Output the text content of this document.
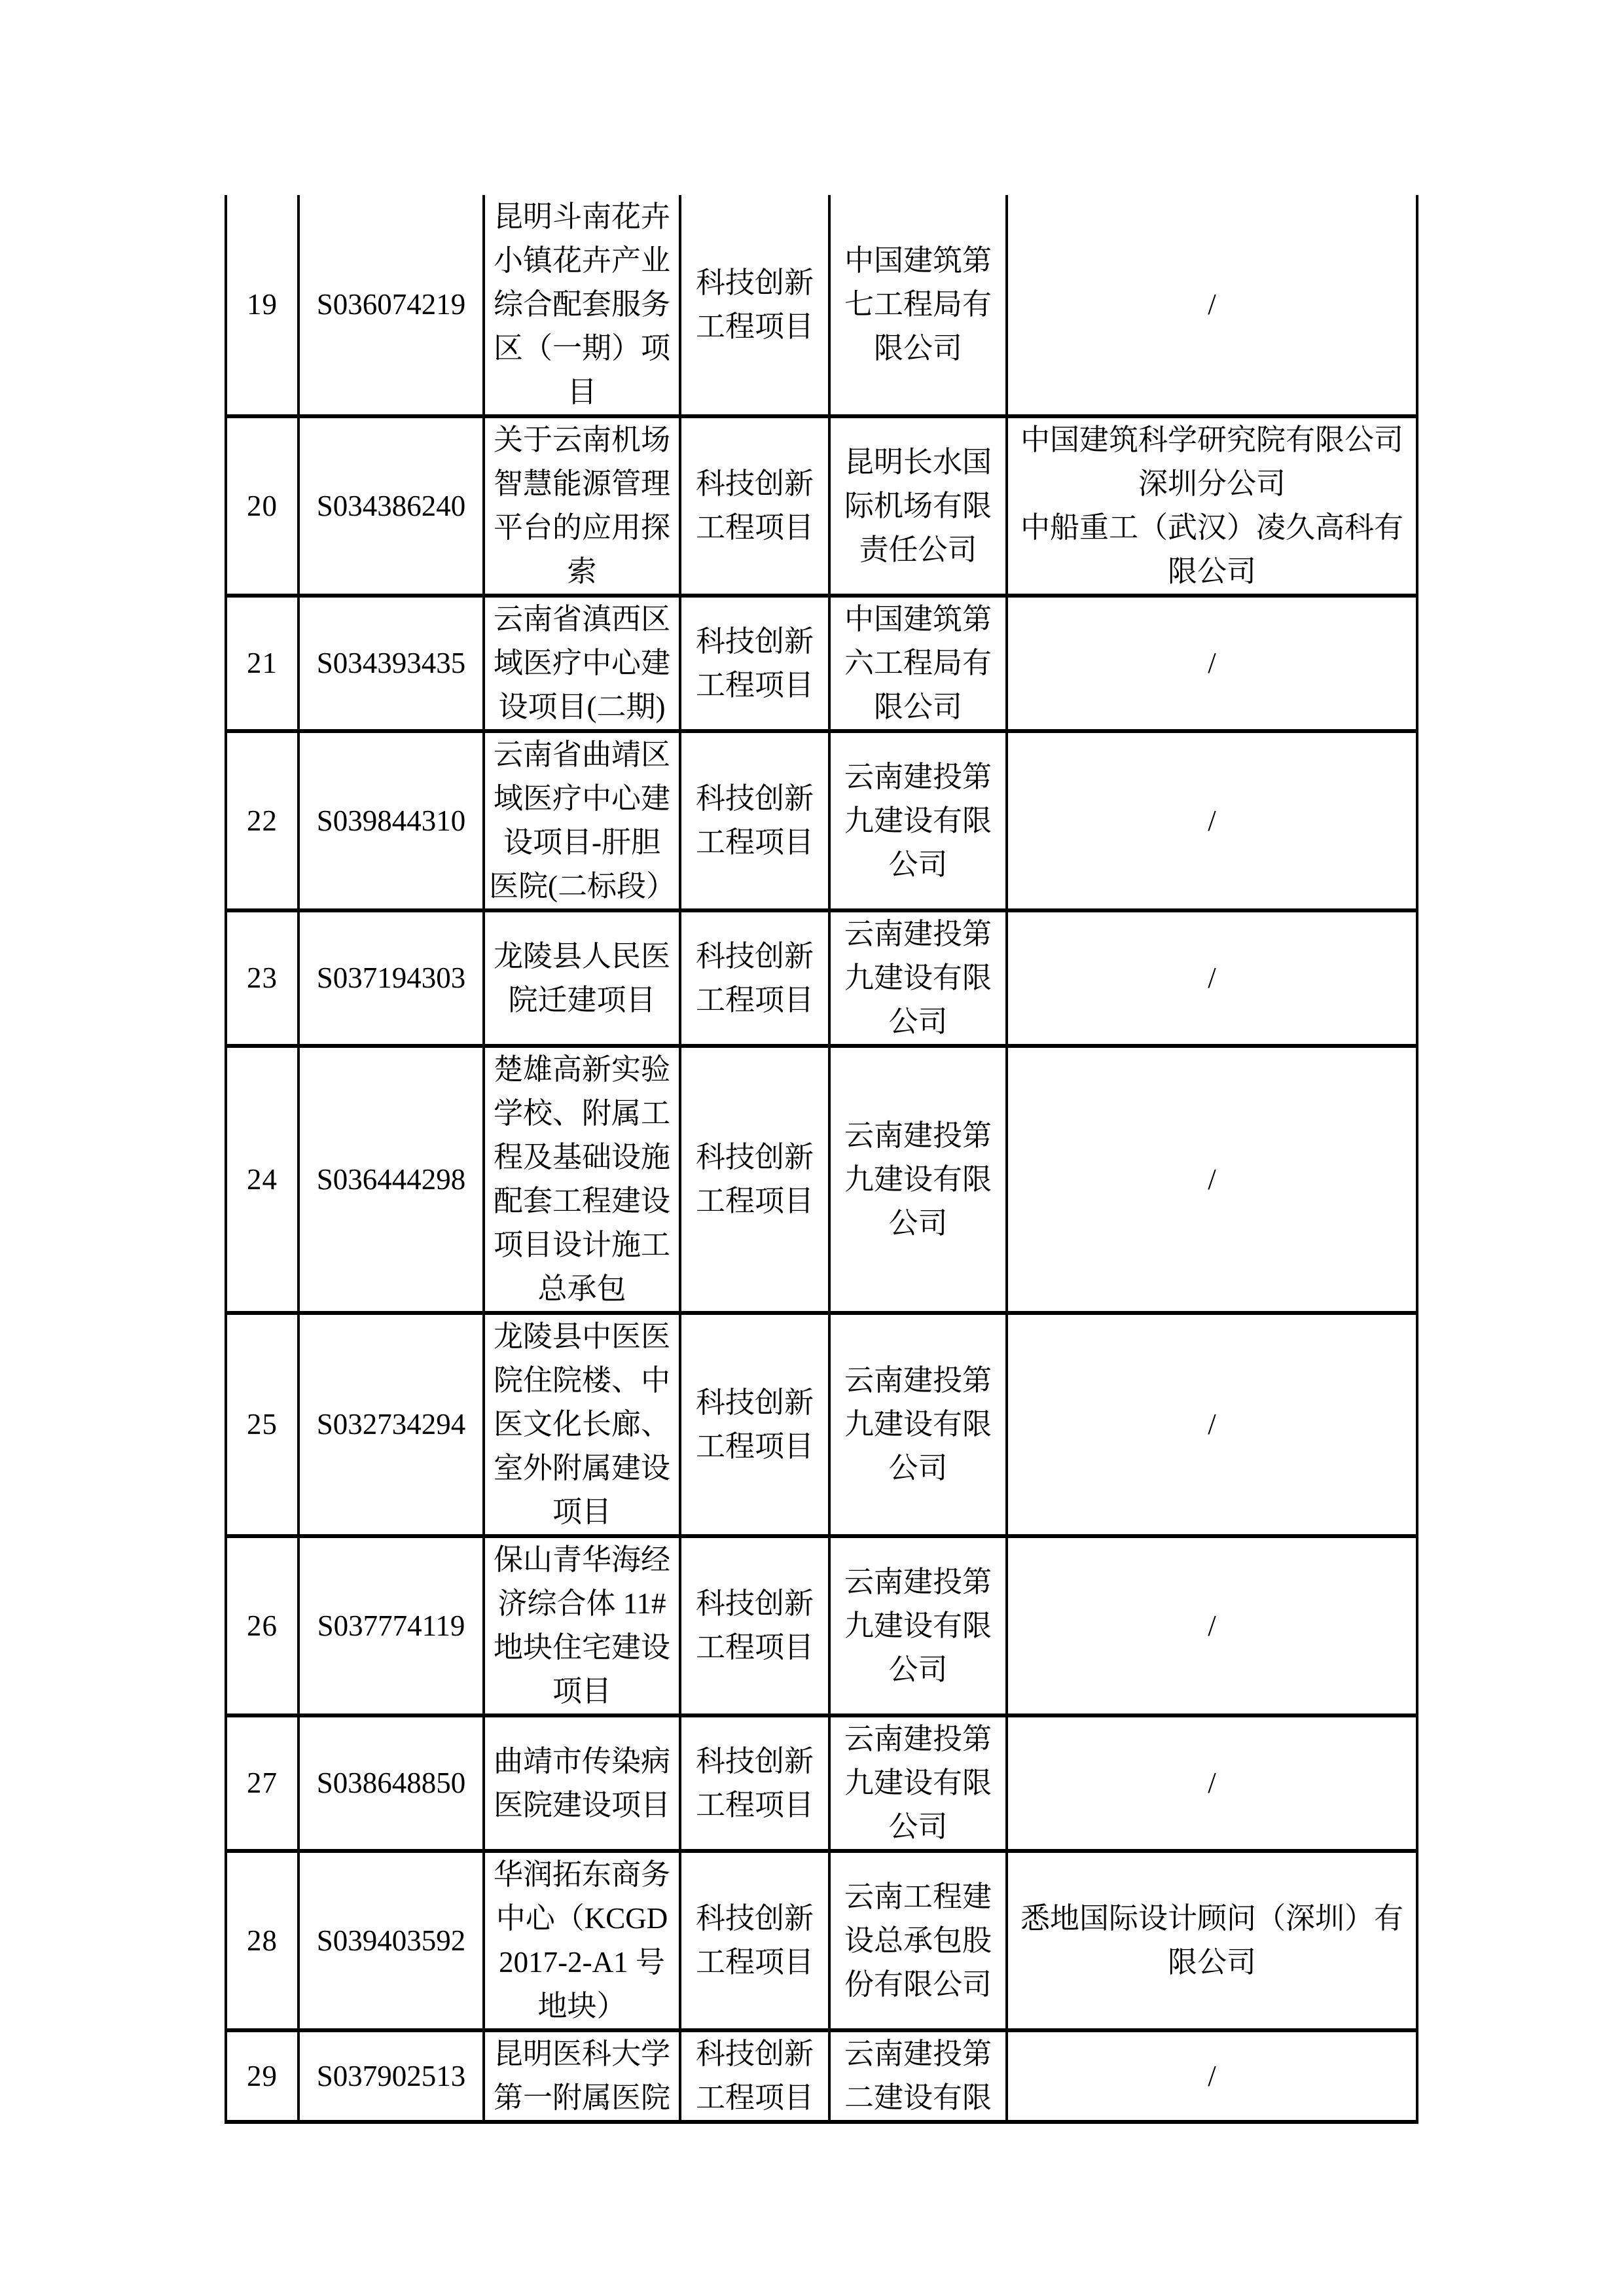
19	S036074219	昆明斗南花卉小镇花卉产业综合配套服务区（一期）项目	科技创新工程项目	中国建筑第七工程局有限公司	/

20	S034386240	关于云南机场智慧能源管理平台的应用探索	科技创新工程项目	昆明长水国际机场有限责任公司	中国建筑科学研究院有限公司深圳分公司
中船重工（武汉）凌久高科有限公司

21	S034393435	云南省滇西区域医疗中心建设项目(二期)	科技创新工程项目	中国建筑第六工程局有限公司	/

22	S039844310	云南省曲靖区域医疗中心建设项目-肝胆医院(二标段）	科技创新工程项目	云南建投第九建设有限公司	/

23	S037194303	龙陵县人民医院迁建项目	科技创新工程项目	云南建投第九建设有限公司	/

24	S036444298	楚雄高新实验学校、附属工程及基础设施配套工程建设项目设计施工总承包	科技创新工程项目	云南建投第九建设有限公司	/

25	S032734294	龙陵县中医医院住院楼、中医文化长廊、室外附属建设项目	科技创新工程项目	云南建投第九建设有限公司	/

26	S037774119	保山青华海经济综合体 11#地块住宅建设项目	科技创新工程项目	云南建投第九建设有限公司	/

27	S038648850	曲靖市传染病医院建设项目	科技创新工程项目	云南建投第九建设有限公司	/

28	S039403592	华润拓东商务中心（KCGD2017-2-A1 号地块）	科技创新工程项目	云南工程建设总承包股份有限公司	悉地国际设计顾问（深圳）有限公司

29	S037902513	昆明医科大学第一附属医院	科技创新工程项目	云南建投第二建设有限	/
